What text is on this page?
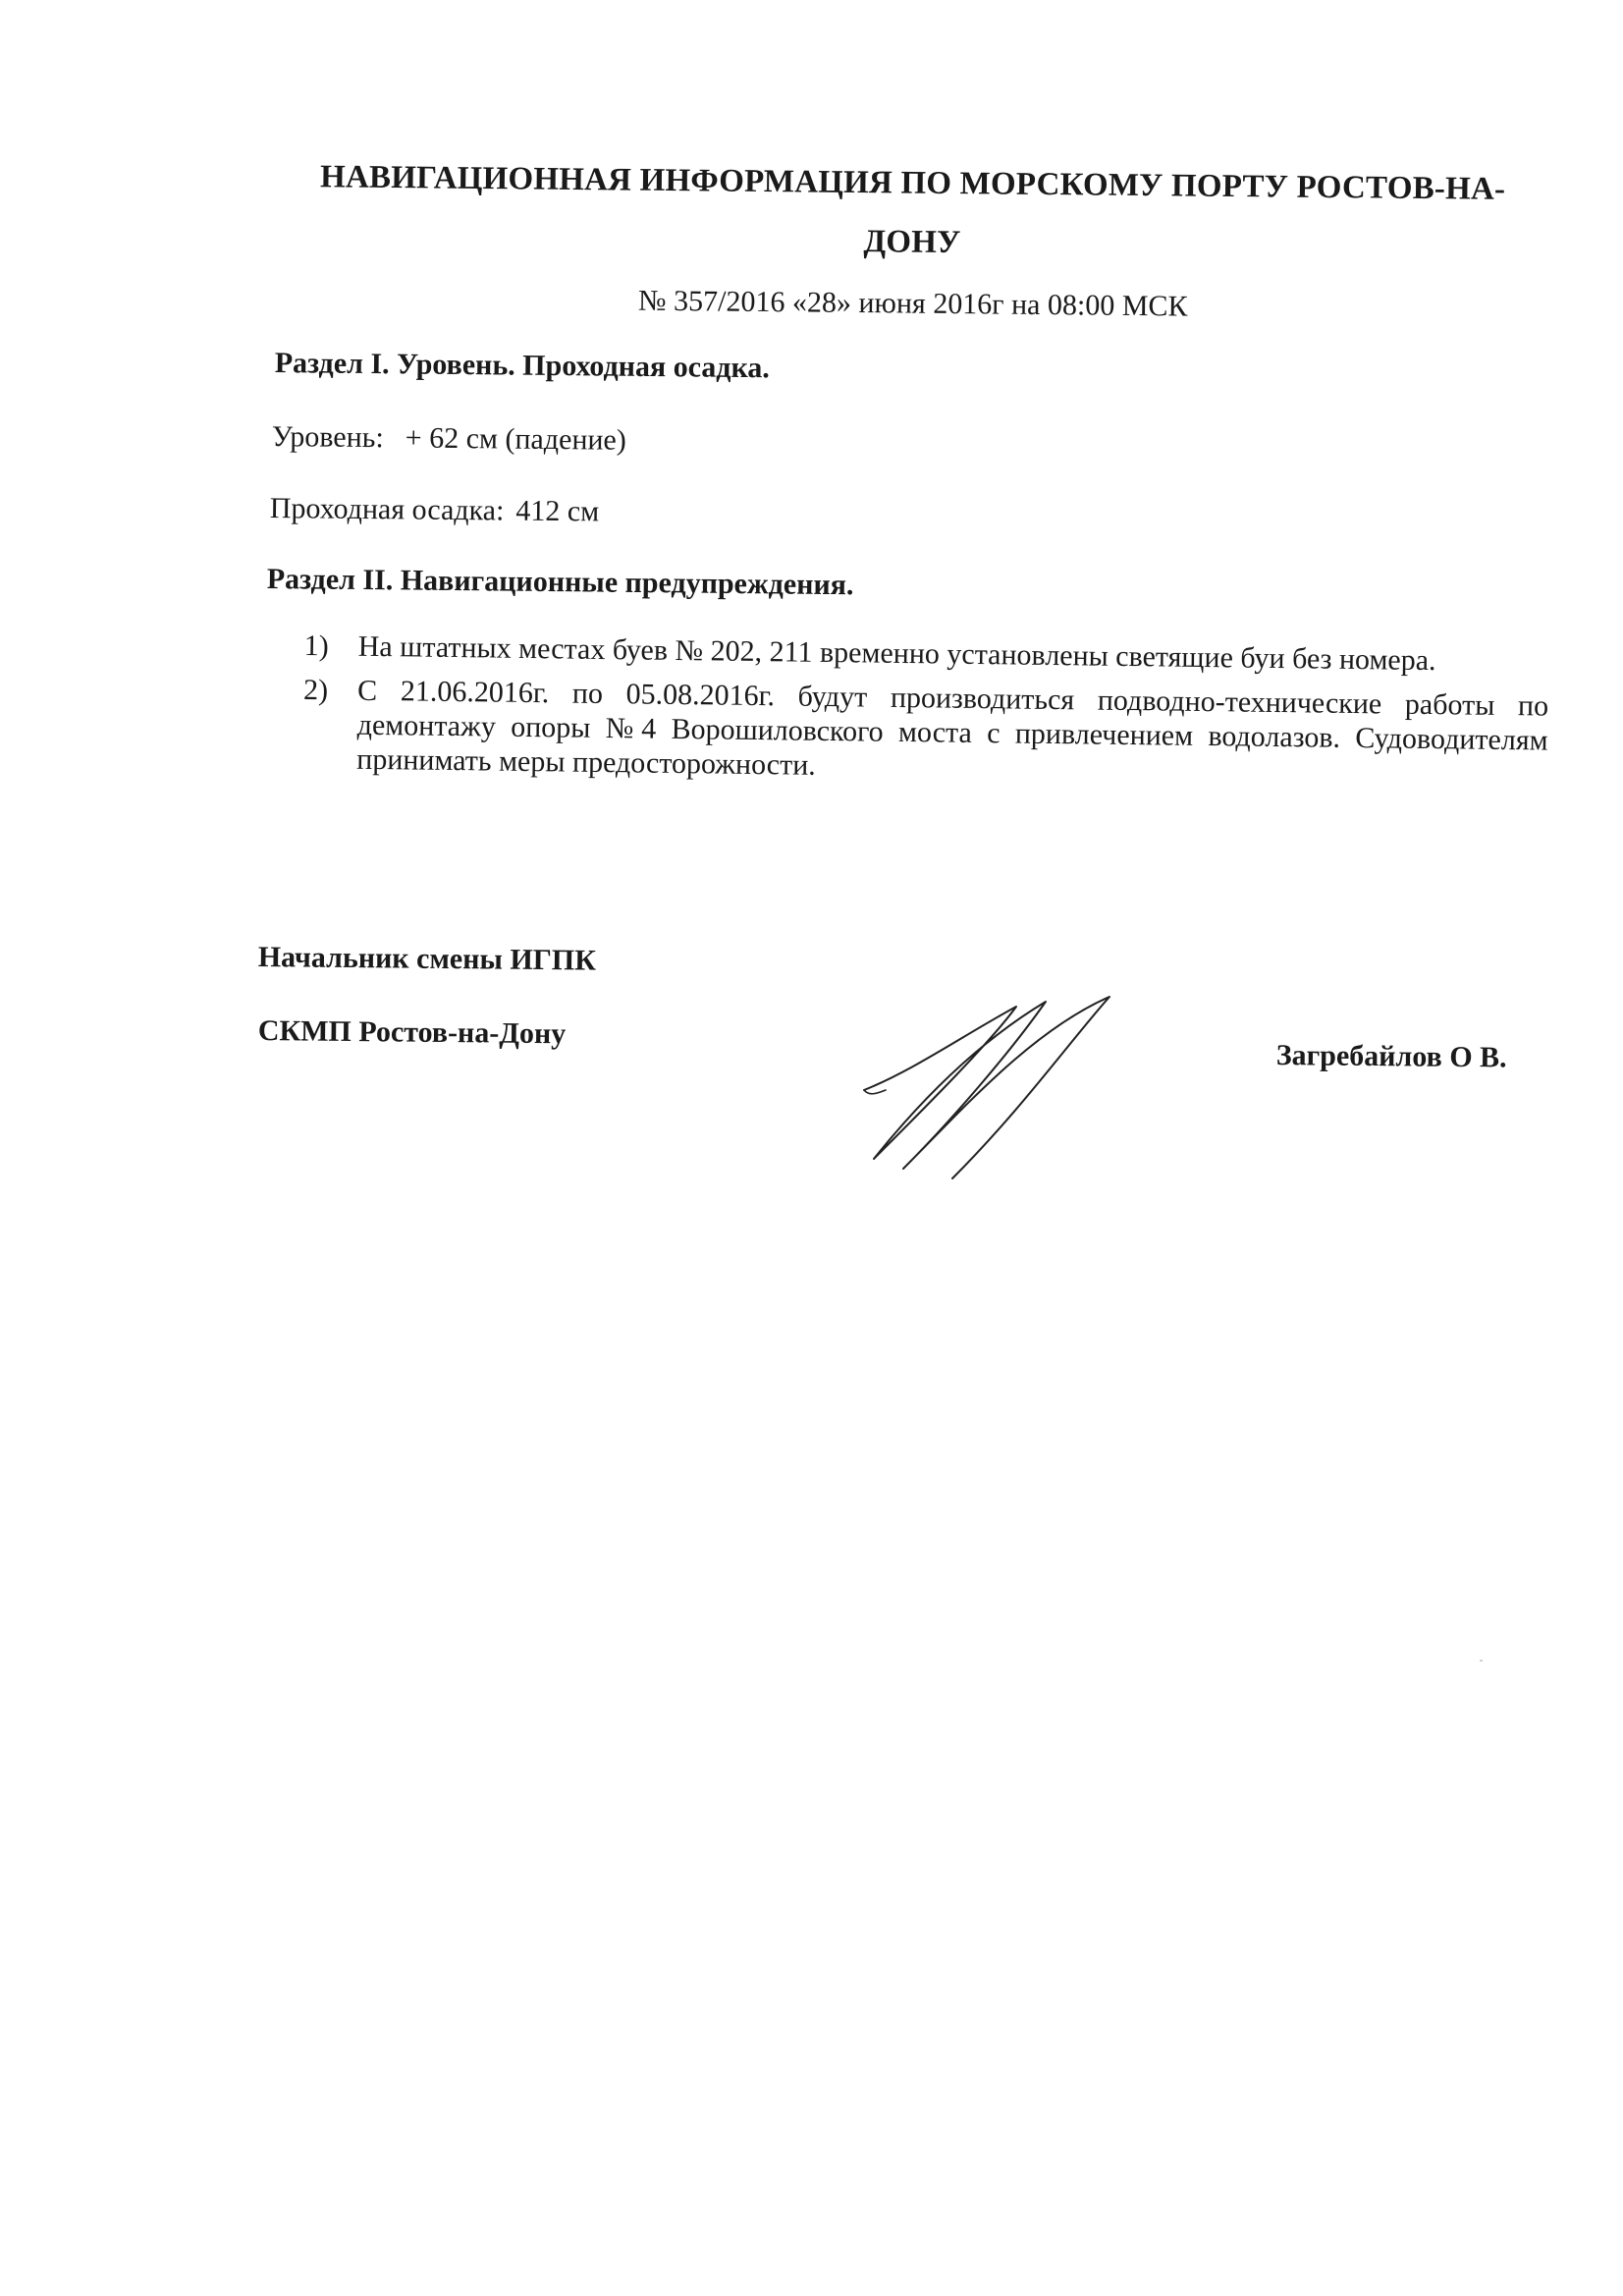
НАВИГАЦИОННАЯ ИНФОРМАЦИЯ ПО МОРСКОМУ ПОРТУ РОСТОВ-НА-
ДОНУ
№ 357/2016 «28» июня 2016г на 08:00 МСК
Раздел I. Уровень. Проходная осадка.
Уровень: + 62 см (падение)
Проходная осадка: 412 см
Раздел II. Навигационные предупреждения.
1) На штатных местах буев № 202, 211 временно установлены светящие буи без номера.
2) С 21.06.2016г. по 05.08.2016г. будут производиться подводно-технические работы по демонтажу опоры №4 Ворошиловского моста с привлечением водолазов. Судоводителям принимать меры предосторожности.
Начальник смены ИГПК
СКМП Ростов-на-Дону
Загребайлов О В.
